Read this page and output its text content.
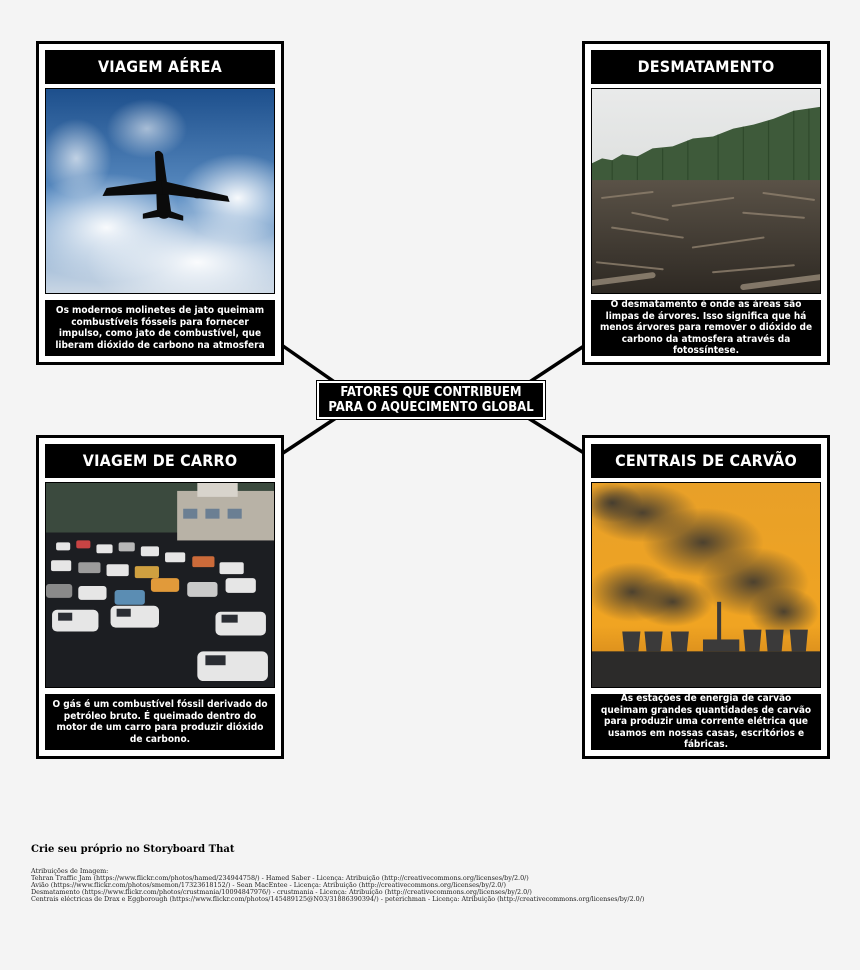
VIAGEM AÉREA
Os modernos molinetes de jato queimam combustíveis fósseis para fornecer impulso, como jato de combustível, que liberam dióxido de carbono na atmosfera
DESMATAMENTO
O desmatamento é onde as áreas são limpas de árvores. Isso significa que há menos árvores para remover o dióxido de carbono da atmosfera através da fotossíntese.
VIAGEM DE CARRO
O gás é um combustível fóssil derivado do petróleo bruto. É queimado dentro do motor de um carro para produzir dióxido de carbono.
CENTRAIS DE CARVÃO
As estações de energia de carvão queimam grandes quantidades de carvão para produzir uma corrente elétrica que usamos em nossas casas, escritórios e fábricas.
FATORES QUE CONTRIBUEM
PARA O AQUECIMENTO GLOBAL
Crie seu próprio no Storyboard That
Atribuições de Imagem:
Tehran Traffic Jam (https://www.flickr.com/photos/hamed/234944758/) - Hamed Saber - Licença: Atribuição (http://creativecommons.org/licenses/by/2.0/)
Avião (https://www.flickr.com/photos/smemon/17323618152/) - Sean MacEntee - Licença: Atribuição (http://creativecommons.org/licenses/by/2.0/)
Desmatamento (https://www.flickr.com/photos/crustmania/10094847976/) - crustmania - Licença: Atribuição (http://creativecommons.org/licenses/by/2.0/)
Centrais eléctricas de Drax e Eggborough (https://www.flickr.com/photos/145489125@N03/31886390394/) - peterichman - Licença: Atribuição (http://creativecommons.org/licenses/by/2.0/)
